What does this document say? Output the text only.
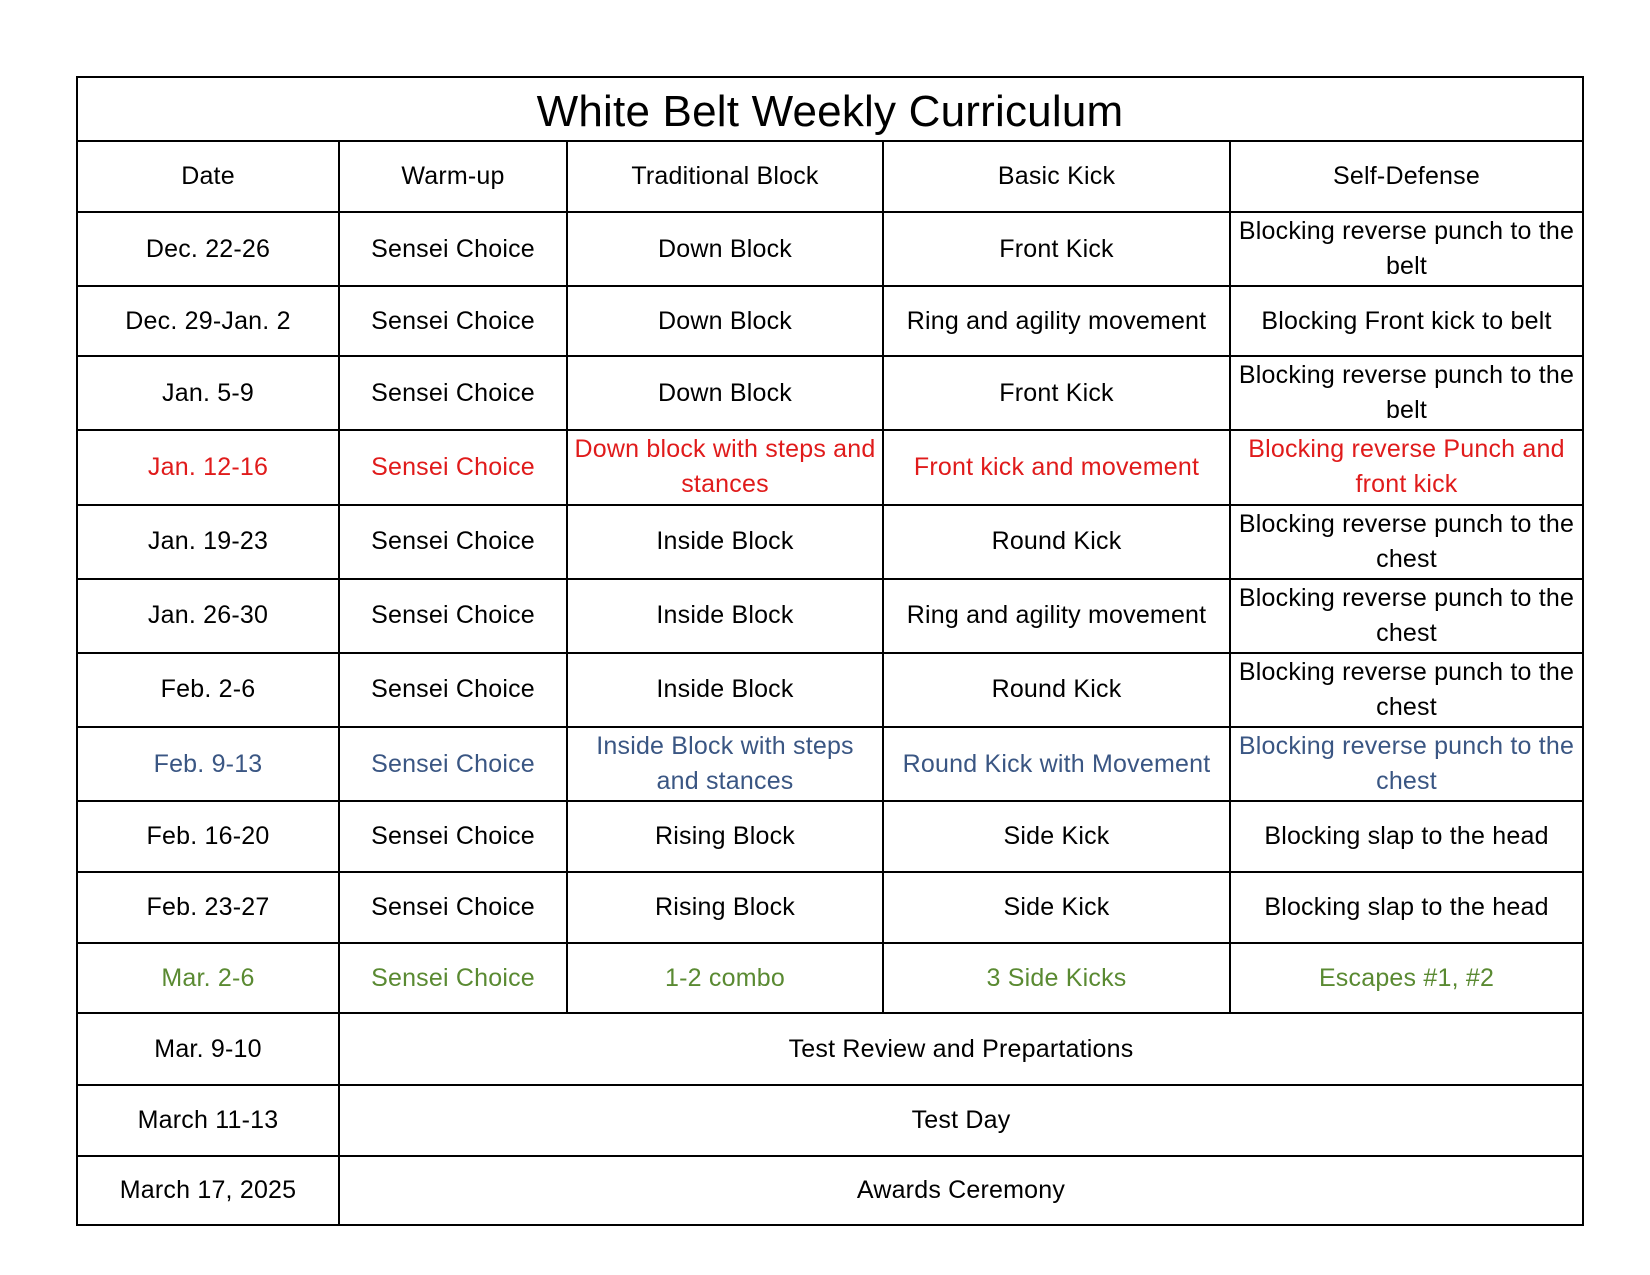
White Belt Weekly Curriculum				
Date	Warm-up	Traditional Block	Basic Kick	Self-Defense
Dec. 22-26	Sensei Choice	Down Block	Front Kick	Blocking reverse punch to the belt
Dec. 29-Jan. 2	Sensei Choice	Down Block	Ring and agility movement	Blocking Front kick to belt
Jan. 5-9	Sensei Choice	Down Block	Front Kick	Blocking reverse punch to the belt
Jan. 12-16	Sensei Choice	Down block with steps and stances	Front kick and movement	Blocking reverse Punch and front kick
Jan. 19-23	Sensei Choice	Inside Block	Round Kick	Blocking reverse punch to the chest
Jan. 26-30	Sensei Choice	Inside Block	Ring and agility movement	Blocking reverse punch to the chest
Feb. 2-6	Sensei Choice	Inside Block	Round Kick	Blocking reverse punch to the chest
Feb. 9-13	Sensei Choice	Inside Block with steps and stances	Round Kick with Movement	Blocking reverse punch to the chest
Feb. 16-20	Sensei Choice	Rising Block	Side Kick	Blocking slap to the head
Feb. 23-27	Sensei Choice	Rising Block	Side Kick	Blocking slap to the head
Mar. 2-6	Sensei Choice	1-2 combo	3 Side Kicks	Escapes #1, #2
Mar. 9-10	Test Review and Prepartations			
March 11-13	Test Day			
March 17, 2025	Awards Ceremony			
